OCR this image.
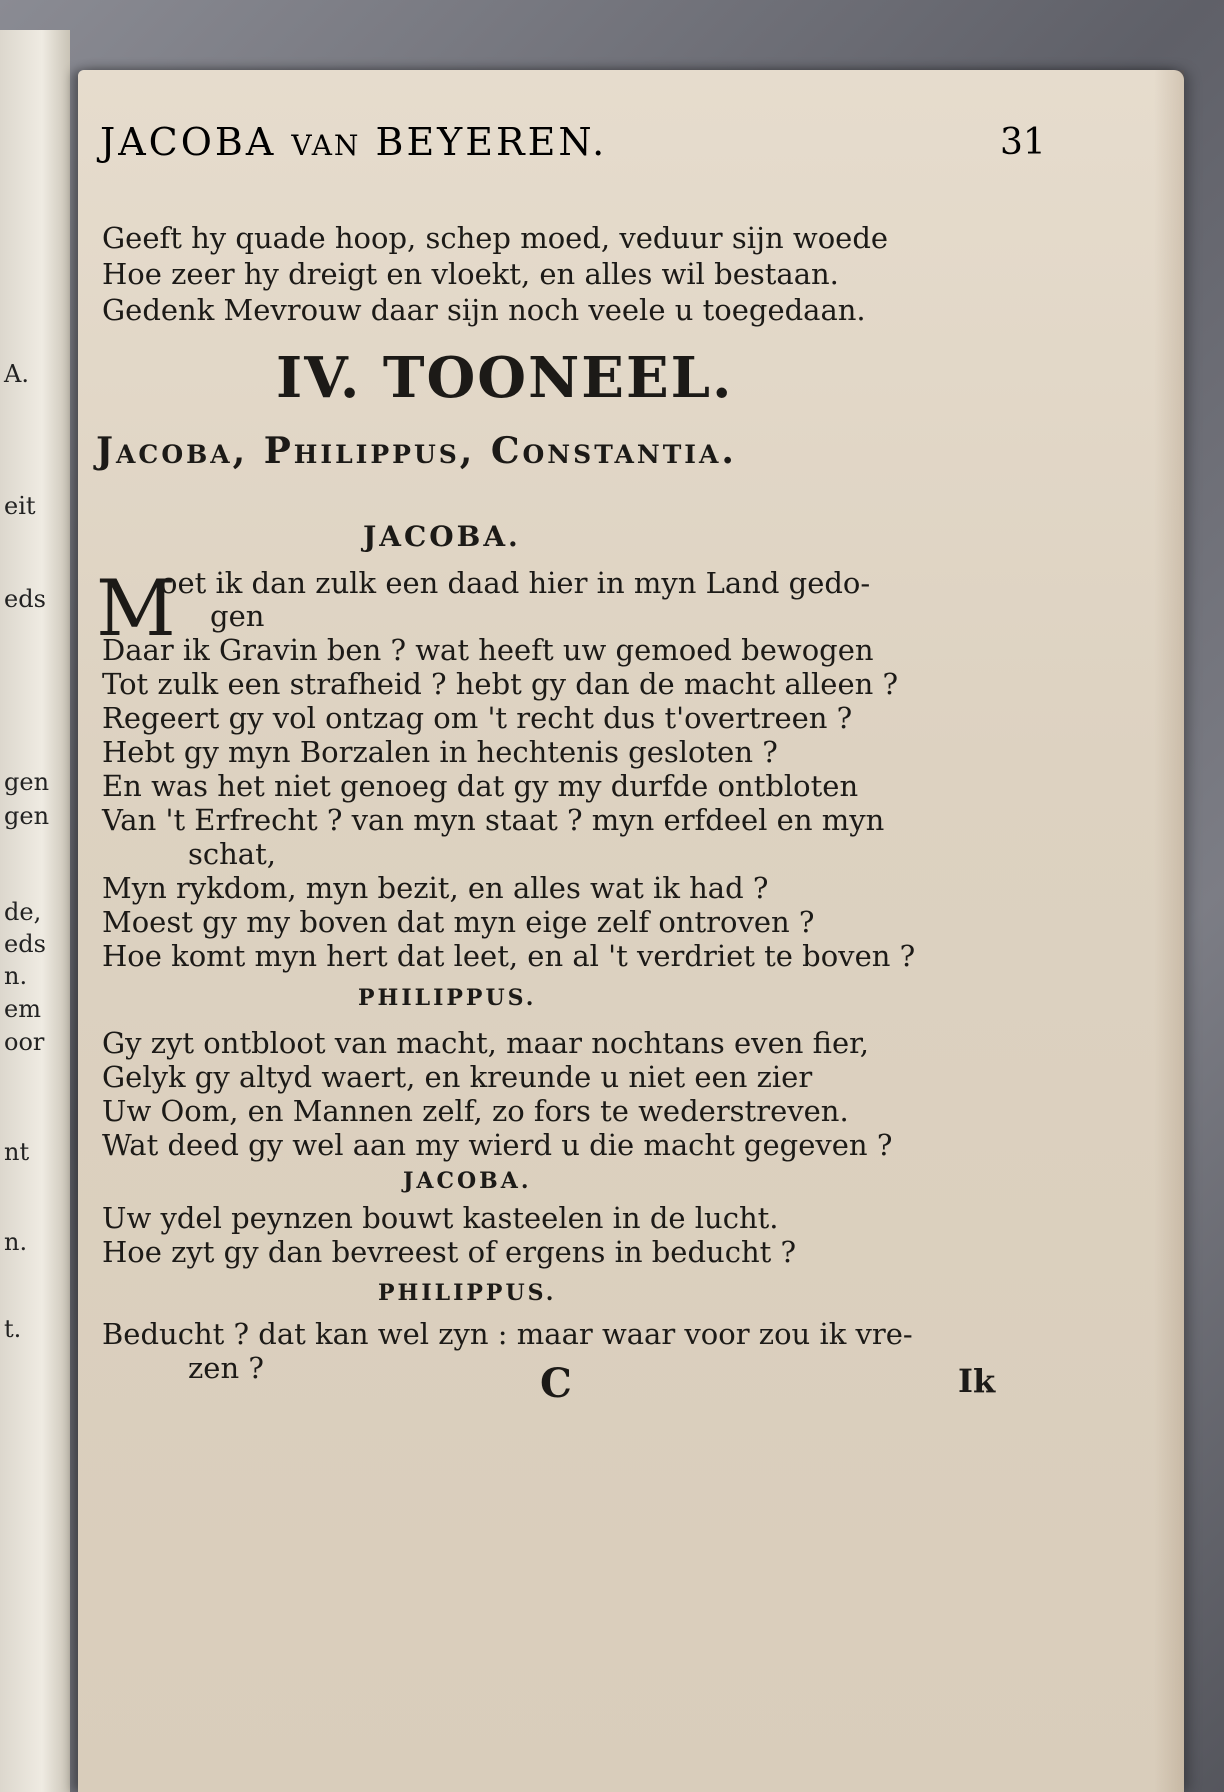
A.
eit
eds
gen
gen
de,
eds
n.
em
oor
nt
n.
t.
JACOBA VAN BEYEREN.	31
Geeft hy quade hoop, schep moed, veduur sijn woede
Hoe zeer hy dreigt en vloekt, en alles wil bestaan.
Gedenk Mevrouw daar sijn noch veele u toegedaan.
IV. TOONEEL.
Jacoba, Philippus, Constantia.
JACOBA.
M
oet ik dan zulk een daad hier in myn Land gedo-
gen
Daar ik Gravin ben ? wat heeft uw gemoed bewogen
Tot zulk een strafheid ? hebt gy dan de macht alleen ?
Regeert gy vol ontzag om 't recht dus t'overtreen ?
Hebt gy myn Borzalen in hechtenis gesloten ?
En was het niet genoeg dat gy my durfde ontbloten
Van 't Erfrecht ? van myn staat ? myn erfdeel en myn
schat,
Myn rykdom, myn bezit, en alles wat ik had ?
Moest gy my boven dat myn eige zelf ontroven ?
Hoe komt myn hert dat leet, en al 't verdriet te boven ?
PHILIPPUS.
Gy zyt ontbloot van macht, maar nochtans even fier,
Gelyk gy altyd waert, en kreunde u niet een zier
Uw Oom, en Mannen zelf, zo fors te wederstreven.
Wat deed gy wel aan my wierd u die macht gegeven ?
JACOBA.
Uw ydel peynzen bouwt kasteelen in de lucht.
Hoe zyt gy dan bevreest of ergens in beducht ?
PHILIPPUS.
Beducht ? dat kan wel zyn : maar waar voor zou ik vre-
zen ?	C	Ik
